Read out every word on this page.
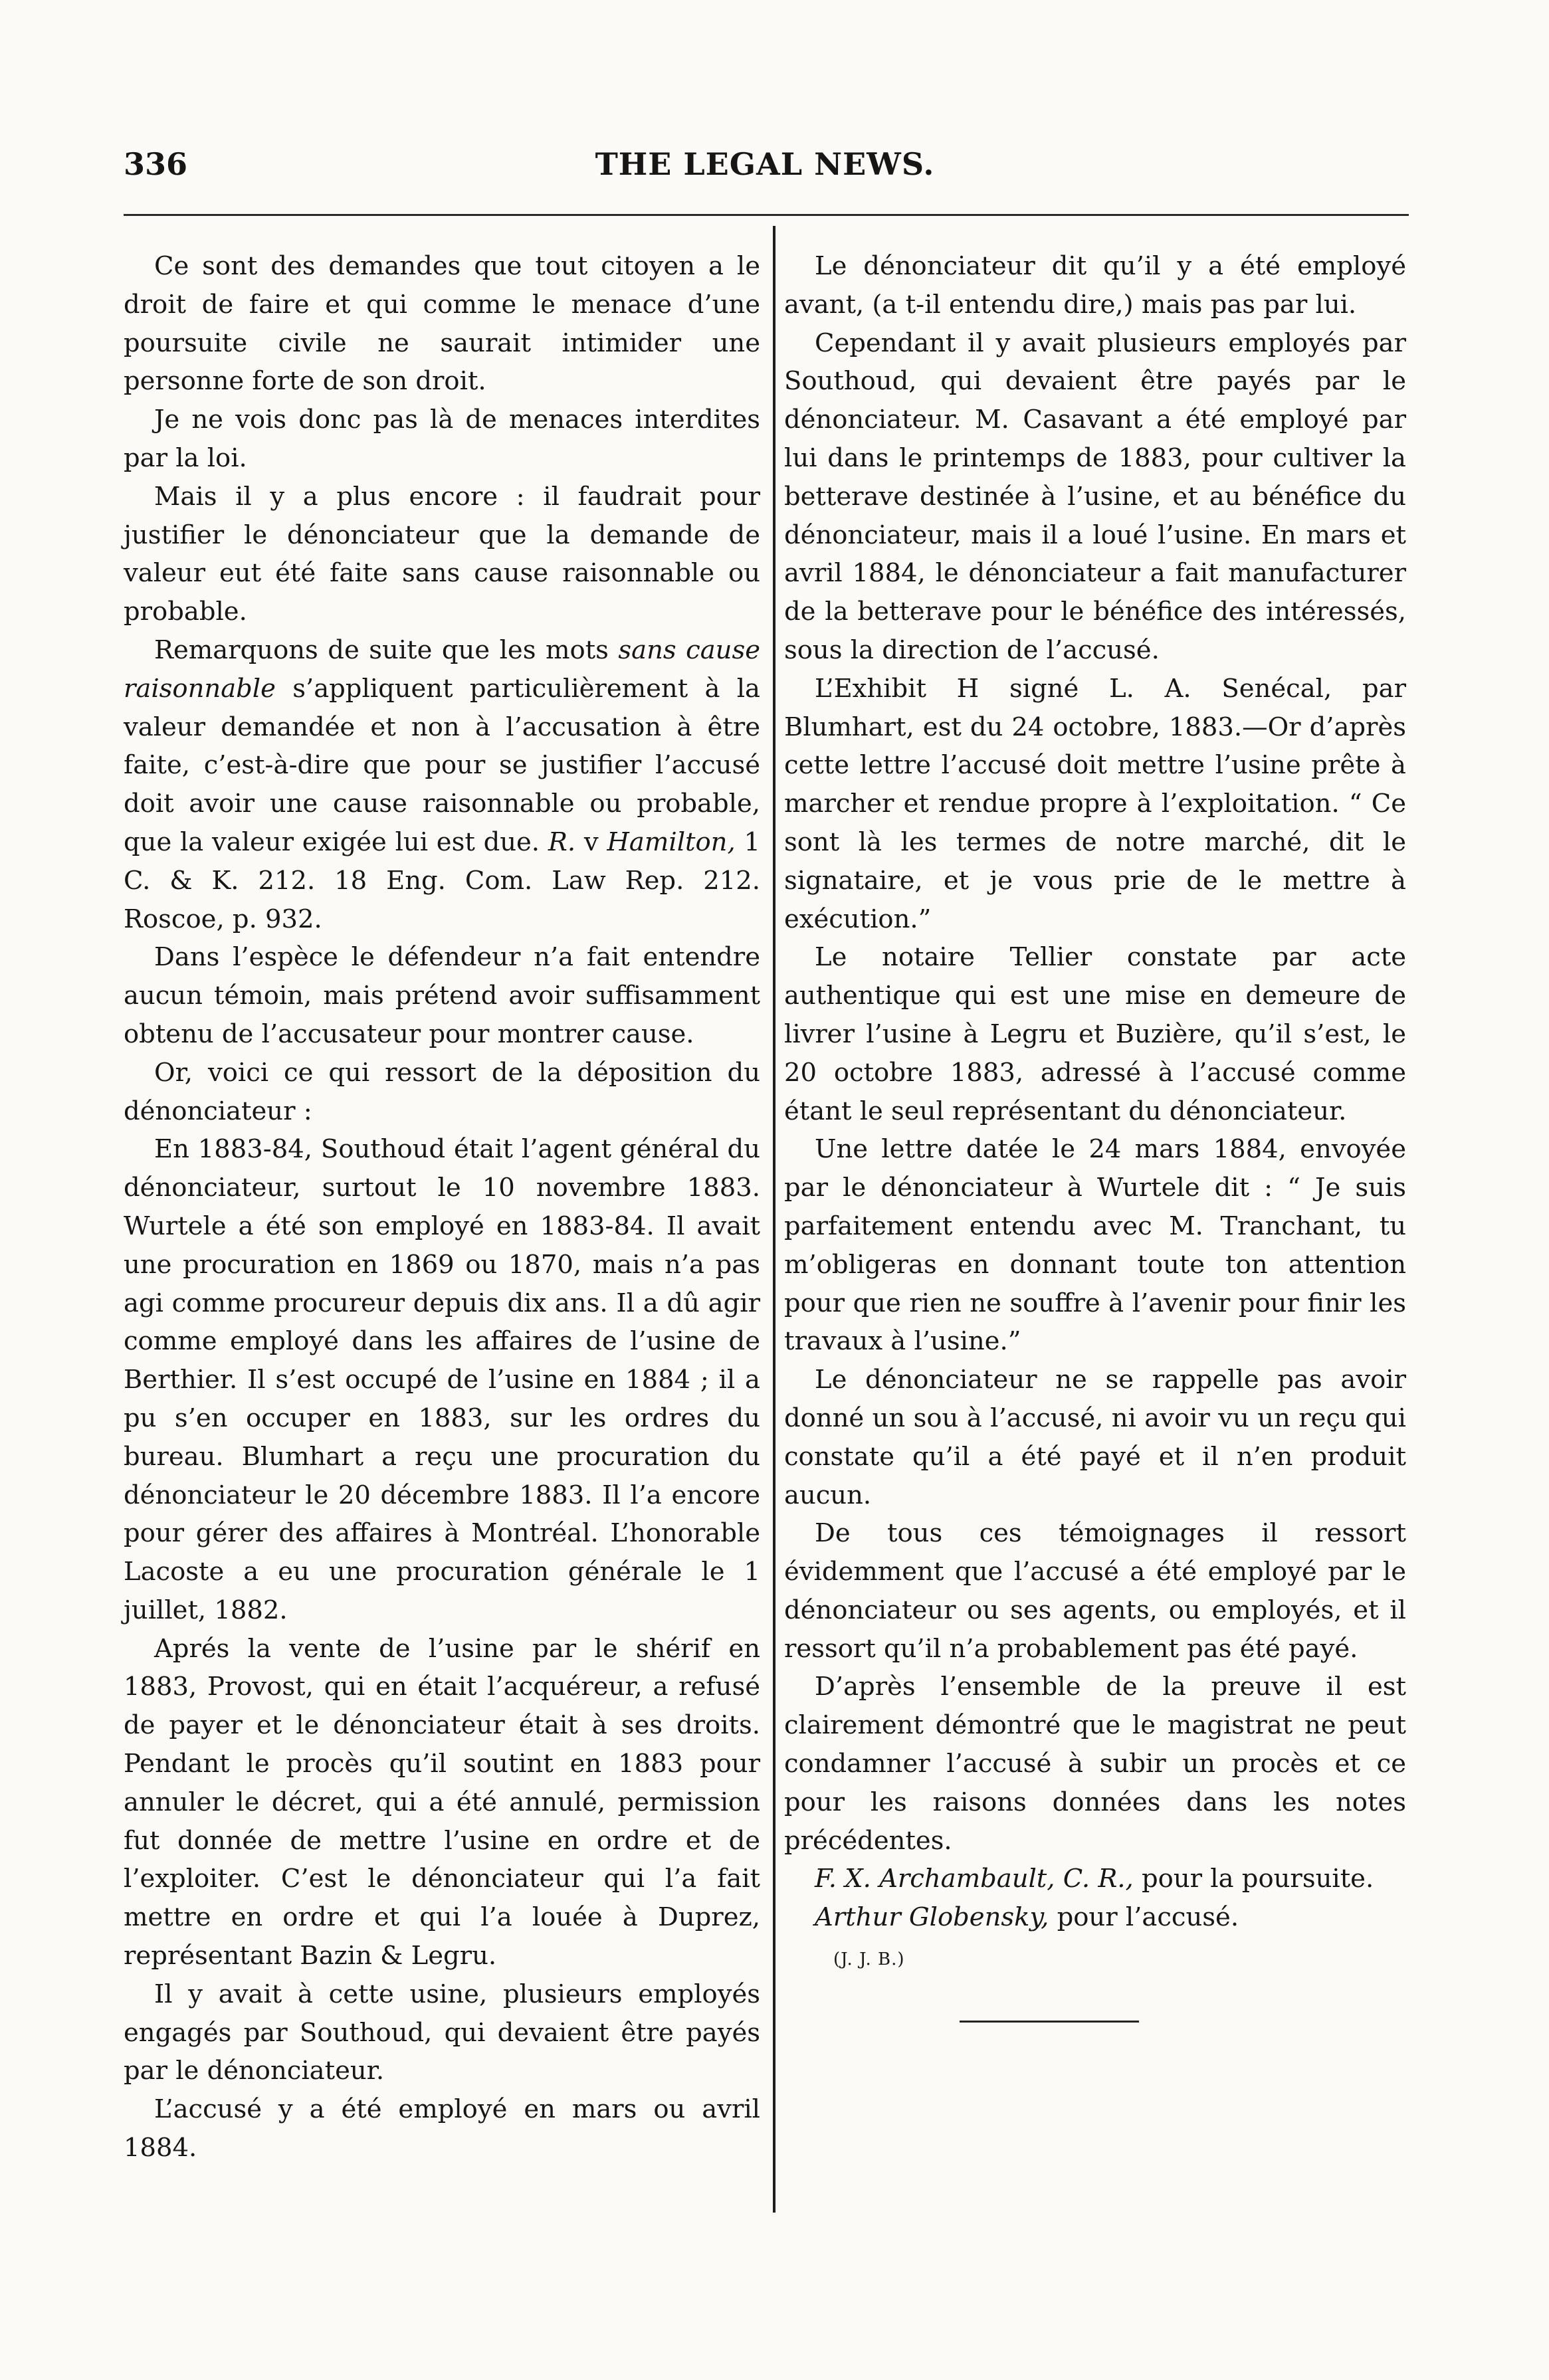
336	THE LEGAL NEWS.

Ce sont des demandes que tout citoyen a le droit de faire et qui comme le menace d’une poursuite civile ne saurait intimider une personne forte de son droit.

Je ne vois donc pas là de menaces interdites par la loi.

Mais il y a plus encore : il faudrait pour justifier le dénonciateur que la demande de valeur eut été faite sans cause raisonnable ou probable.

Remarquons de suite que les mots sans cause raisonnable s’appliquent particulièrement à la valeur demandée et non à l’accusation à être faite, c’est-à-dire que pour se justifier l’accusé doit avoir une cause raisonnable ou probable, que la valeur exigée lui est due. R. v Hamilton, 1 C. & K. 212. 18 Eng. Com. Law Rep. 212. Roscoe, p. 932.

Dans l’espèce le défendeur n’a fait entendre aucun témoin, mais prétend avoir suffisamment obtenu de l’accusateur pour montrer cause.

Or, voici ce qui ressort de la déposition du dénonciateur :

En 1883-84, Southoud était l’agent général du dénonciateur, surtout le 10 novembre 1883. Wurtele a été son employé en 1883-84. Il avait une procuration en 1869 ou 1870, mais n’a pas agi comme procureur depuis dix ans. Il a dû agir comme employé dans les affaires de l’usine de Berthier. Il s’est occupé de l’usine en 1884 ; il a pu s’en occuper en 1883, sur les ordres du bureau. Blumhart a reçu une procuration du dénonciateur le 20 décembre 1883. Il l’a encore pour gérer des affaires à Montréal. L’honorable Lacoste a eu une procuration générale le 1 juillet, 1882.

Aprés la vente de l’usine par le shérif en 1883, Provost, qui en était l’acquéreur, a refusé de payer et le dénonciateur était à ses droits. Pendant le procès qu’il soutint en 1883 pour annuler le décret, qui a été annulé, permission fut donnée de mettre l’usine en ordre et de l’exploiter. C’est le dénonciateur qui l’a fait mettre en ordre et qui l’a louée à Duprez, représentant Bazin & Legru.

Il y avait à cette usine, plusieurs employés engagés par Southoud, qui devaient être payés par le dénonciateur.

L’accusé y a été employé en mars ou avril 1884.

Le dénonciateur dit qu’il y a été employé avant, (a t-il entendu dire,) mais pas par lui.

Cependant il y avait plusieurs employés par Southoud, qui devaient être payés par le dénonciateur. M. Casavant a été employé par lui dans le printemps de 1883, pour cultiver la betterave destinée à l’usine, et au bénéfice du dénonciateur, mais il a loué l’usine. En mars et avril 1884, le dénonciateur a fait manufacturer de la betterave pour le bénéfice des intéressés, sous la direction de l’accusé.

L’Exhibit H signé L. A. Senécal, par Blumhart, est du 24 octobre, 1883.—Or d’après cette lettre l’accusé doit mettre l’usine prête à marcher et rendue propre à l’exploitation. “ Ce sont là les termes de notre marché, dit le signataire, et je vous prie de le mettre à exécution.”

Le notaire Tellier constate par acte authentique qui est une mise en demeure de livrer l’usine à Legru et Buzière, qu’il s’est, le 20 octobre 1883, adressé à l’accusé comme étant le seul représentant du dénonciateur.

Une lettre datée le 24 mars 1884, envoyée par le dénonciateur à Wurtele dit : “ Je suis parfaitement entendu avec M. Tranchant, tu m’obligeras en donnant toute ton attention pour que rien ne souffre à l’avenir pour finir les travaux à l’usine.”

Le dénonciateur ne se rappelle pas avoir donné un sou à l’accusé, ni avoir vu un reçu qui constate qu’il a été payé et il n’en produit aucun.

De tous ces témoignages il ressort évidemment que l’accusé a été employé par le dénonciateur ou ses agents, ou employés, et il ressort qu’il n’a probablement pas été payé.

D’après l’ensemble de la preuve il est clairement démontré que le magistrat ne peut condamner l’accusé à subir un procès et ce pour les raisons données dans les notes précédentes.

F. X. Archambault, C. R., pour la poursuite.

Arthur Globensky, pour l’accusé.

(J. J. B.)
